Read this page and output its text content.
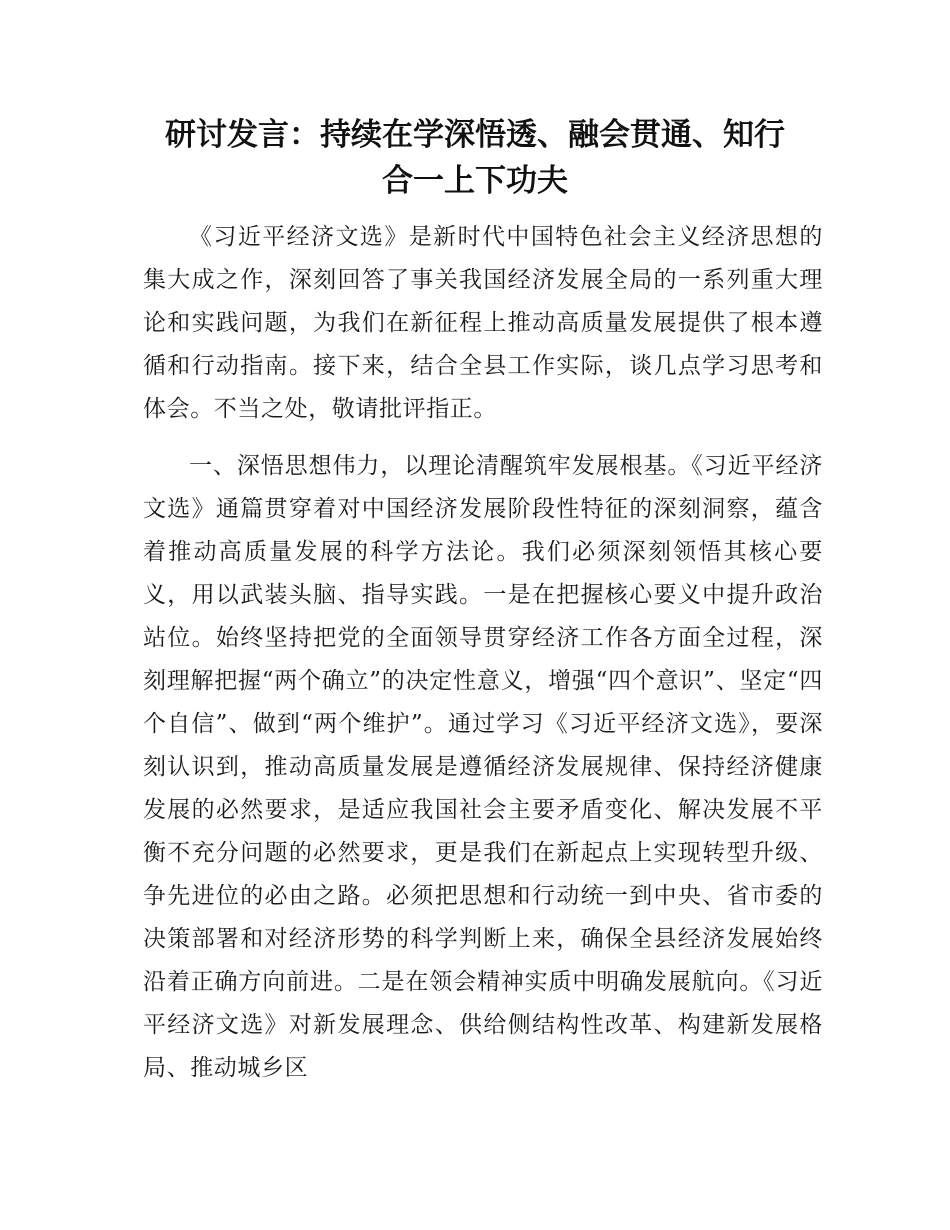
研讨发言：持续在学深悟透、融会贯通、知行
合一上下功夫

《习近平经济文选》是新时代中国特色社会主义经济思想的集大成之作，深刻回答了事关我国经济发展全局的一系列重大理论和实践问题，为我们在新征程上推动高质量发展提供了根本遵循和行动指南。接下来，结合全县工作实际，谈几点学习思考和体会。不当之处，敬请批评指正。

一、深悟思想伟力，以理论清醒筑牢发展根基。《习近平经济文选》通篇贯穿着对中国经济发展阶段性特征的深刻洞察，蕴含着推动高质量发展的科学方法论。我们必须深刻领悟其核心要义，用以武装头脑、指导实践。一是在把握核心要义中提升政治站位。始终坚持把党的全面领导贯穿经济工作各方面全过程，深刻理解把握“两个确立”的决定性意义，增强“四个意识”、坚定“四个自信”、做到“两个维护”。通过学习《习近平经济文选》，要深刻认识到，推动高质量发展是遵循经济发展规律、保持经济健康发展的必然要求，是适应我国社会主要矛盾变化、解决发展不平衡不充分问题的必然要求，更是我们在新起点上实现转型升级、争先进位的必由之路。必须把思想和行动统一到中央、省市委的决策部署和对经济形势的科学判断上来，确保全县经济发展始终沿着正确方向前进。二是在领会精神实质中明确发展航向。《习近平经济文选》对新发展理念、供给侧结构性改革、构建新发展格局、推动城乡区
